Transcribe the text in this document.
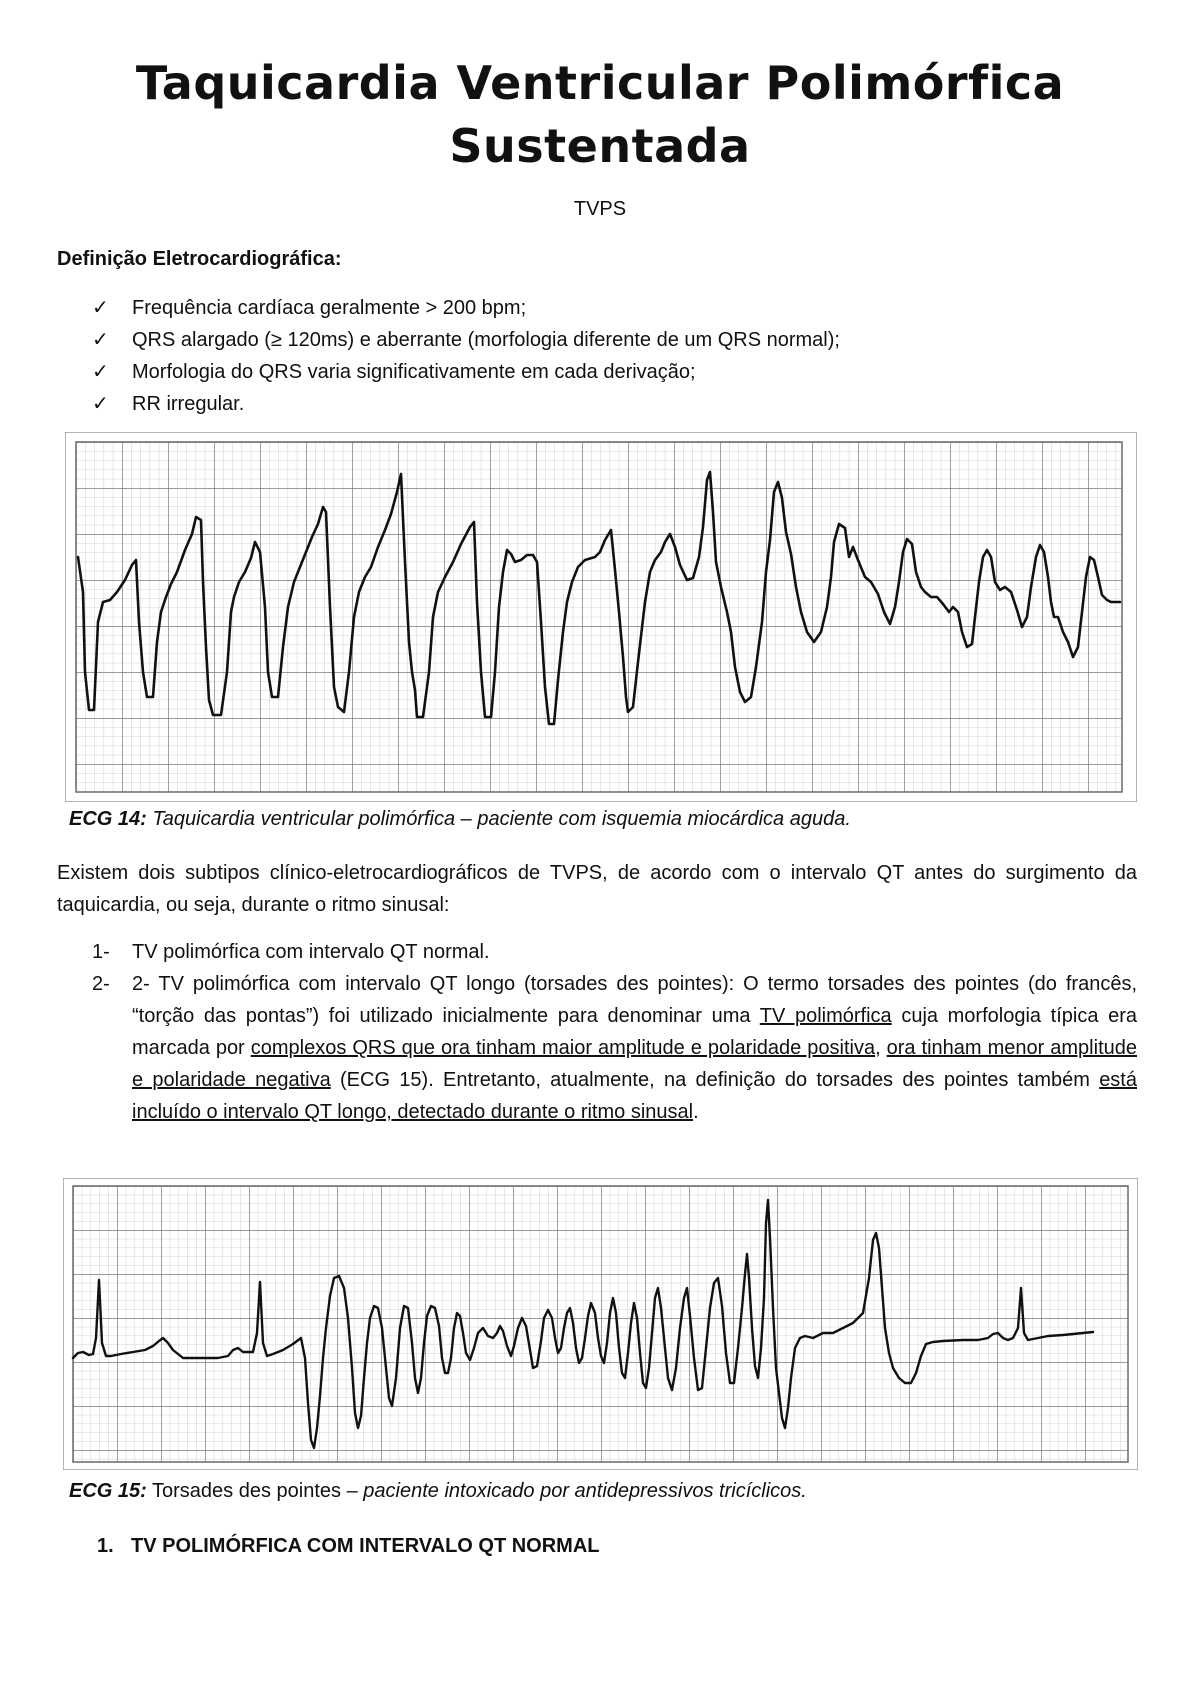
Taquicardia Ventricular Polimórfica
Sustentada
TVPS
Definição Eletrocardiográfica:
✓ Frequência cardíaca geralmente > 200 bpm;
✓ QRS alargado (≥ 120ms) e aberrante (morfologia diferente de um QRS normal);
✓ Morfologia do QRS varia significativamente em cada derivação;
✓ RR irregular.
ECG 14: Taquicardia ventricular polimórfica – paciente com isquemia miocárdica aguda.

Existem dois subtipos clínico-eletrocardiográficos de TVPS, de acordo com o intervalo QT antes do surgimento da taquicardia, ou seja, durante o ritmo sinusal:

1- TV polimórfica com intervalo QT normal.
2- 2- TV polimórfica com intervalo QT longo (torsades des pointes): O termo torsades des pointes (do francês, “torção das pontas”) foi utilizado inicialmente para denominar uma TV polimórfica cuja morfologia típica era marcada por complexos QRS que ora tinham maior amplitude e polaridade positiva, ora tinham menor amplitude e polaridade negativa (ECG 15). Entretanto, atualmente, na definição do torsades des pointes também está incluído o intervalo QT longo, detectado durante o ritmo sinusal.
ECG 15: Torsades des pointes – paciente intoxicado por antidepressivos tricíclicos.
1. TV POLIMÓRFICA COM INTERVALO QT NORMAL
